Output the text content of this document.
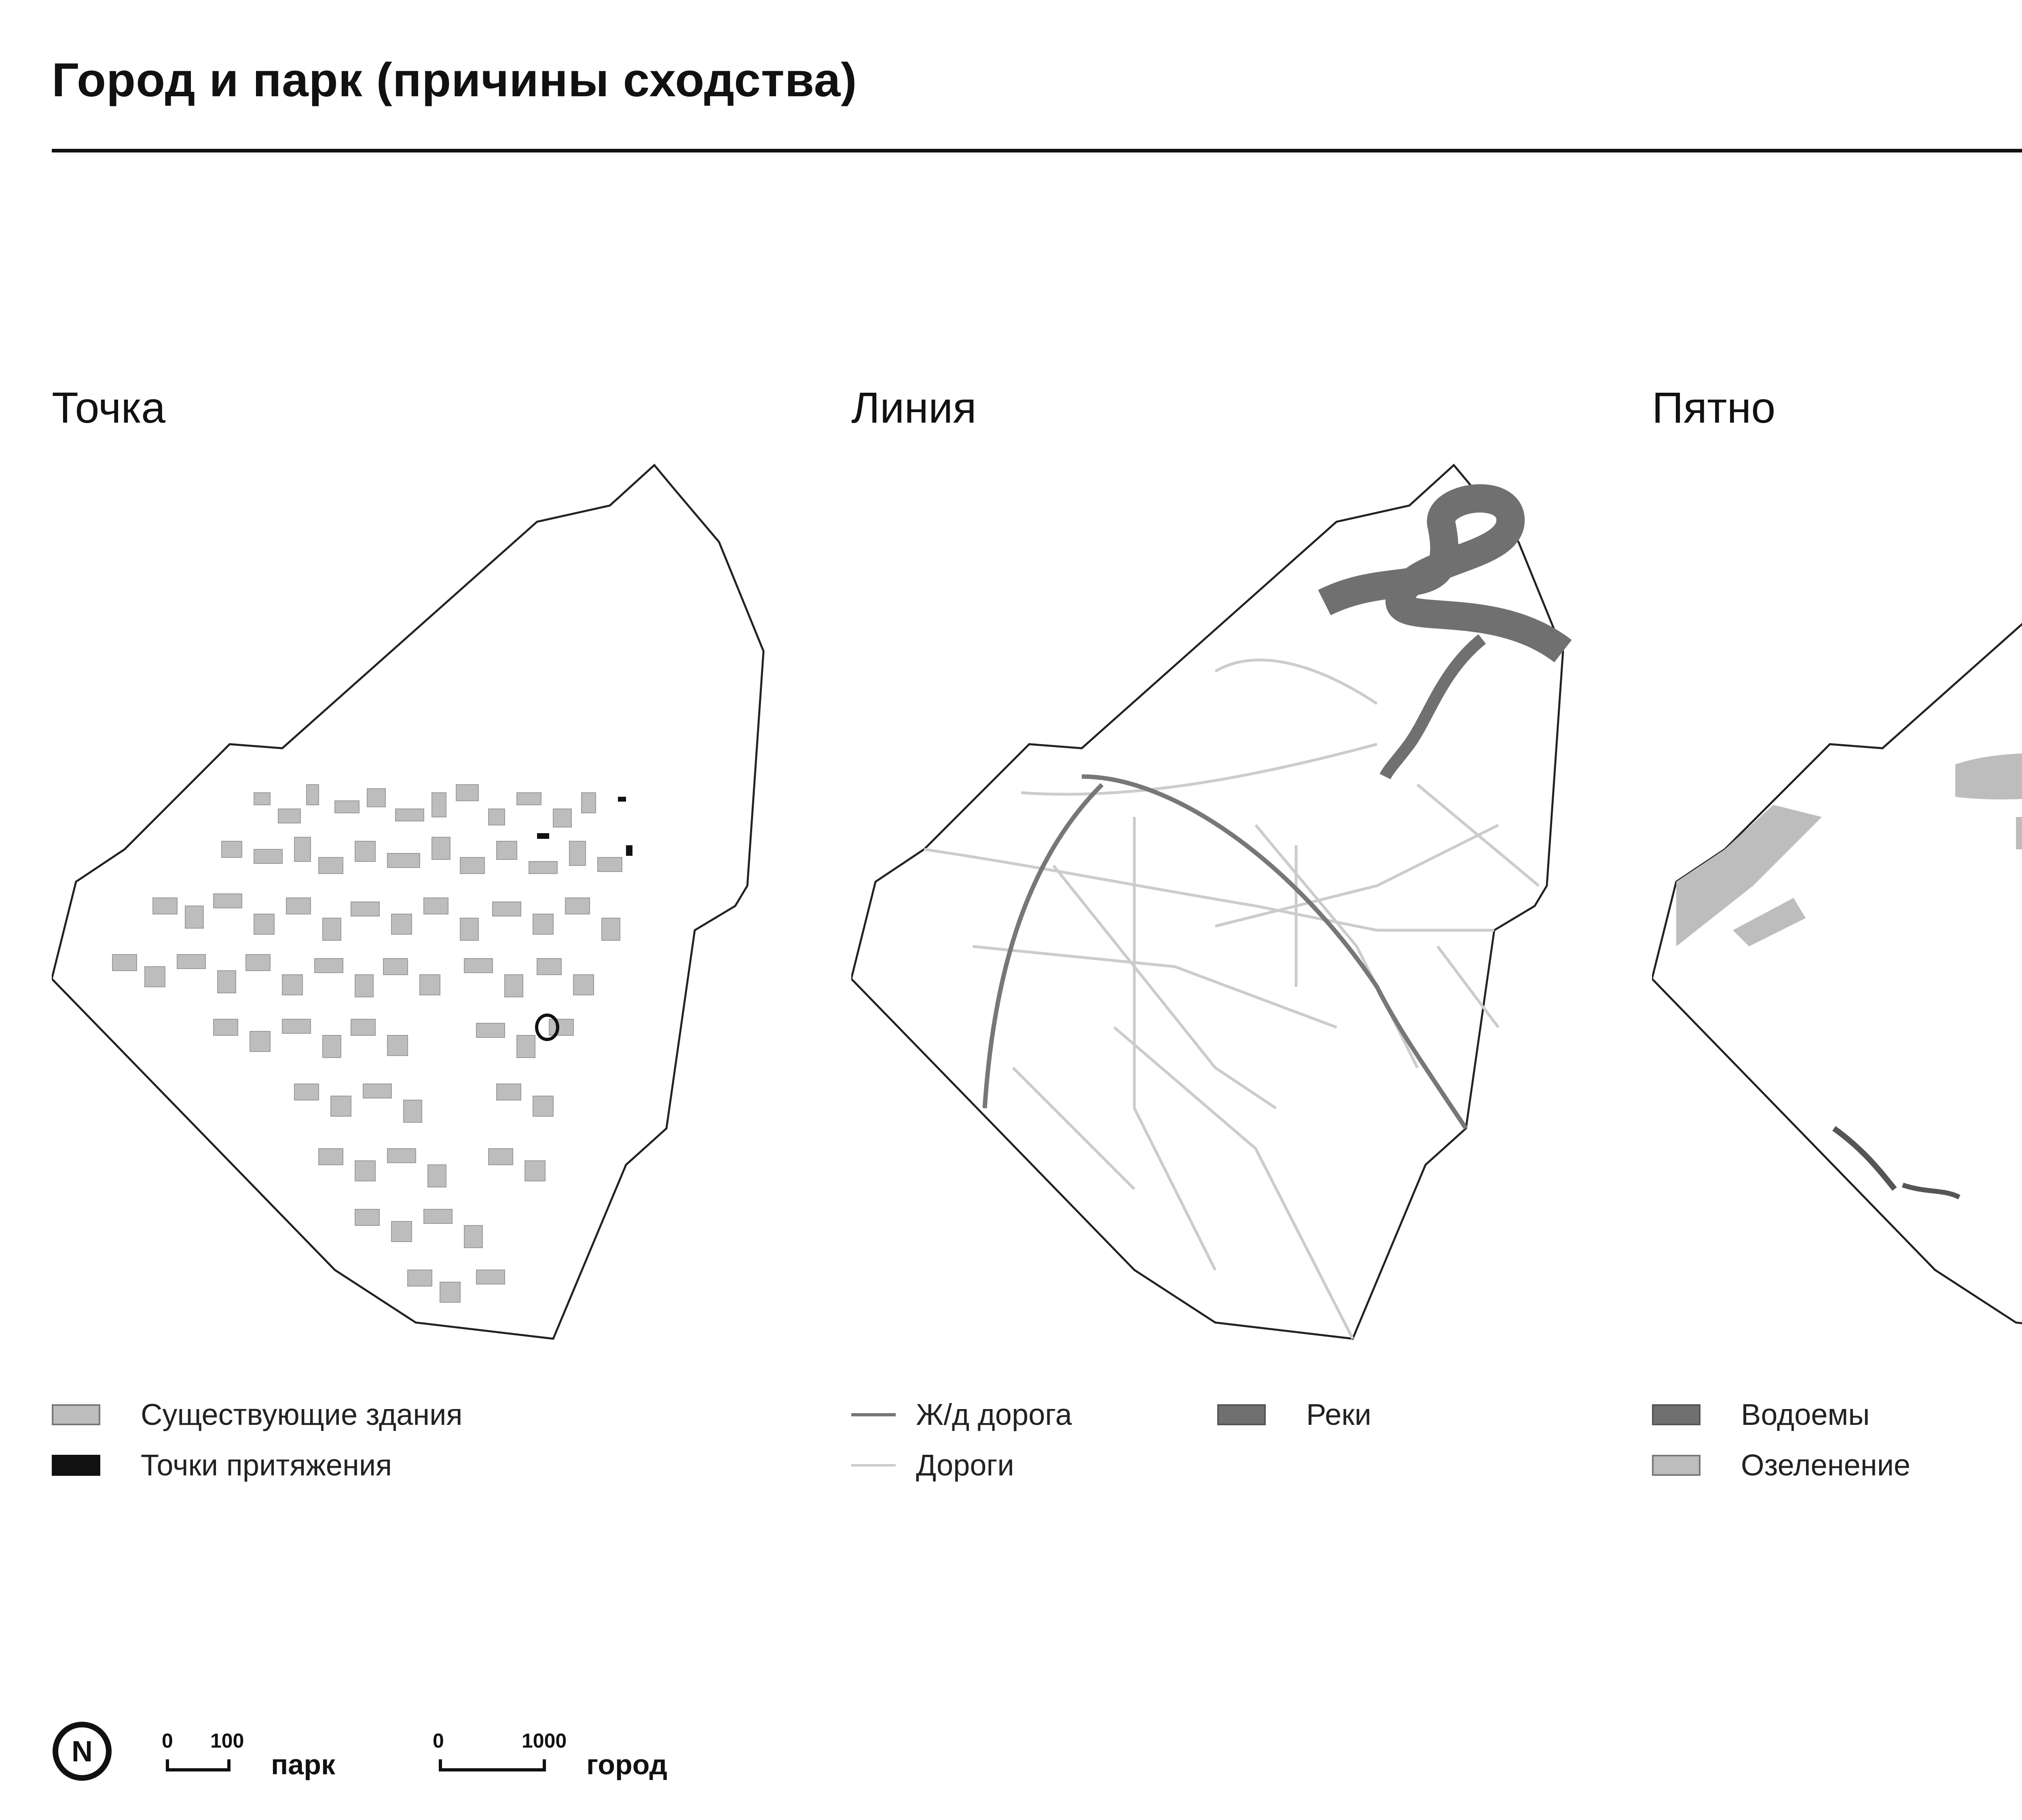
Город и парк (причины сходства)
Точка	Линия	Пятно
Существующие здания
Точки притяжения
Ж/д дорога
Дороги
Реки	Водоемы
Озеленение

N	0 100
парк
0	1000
город
